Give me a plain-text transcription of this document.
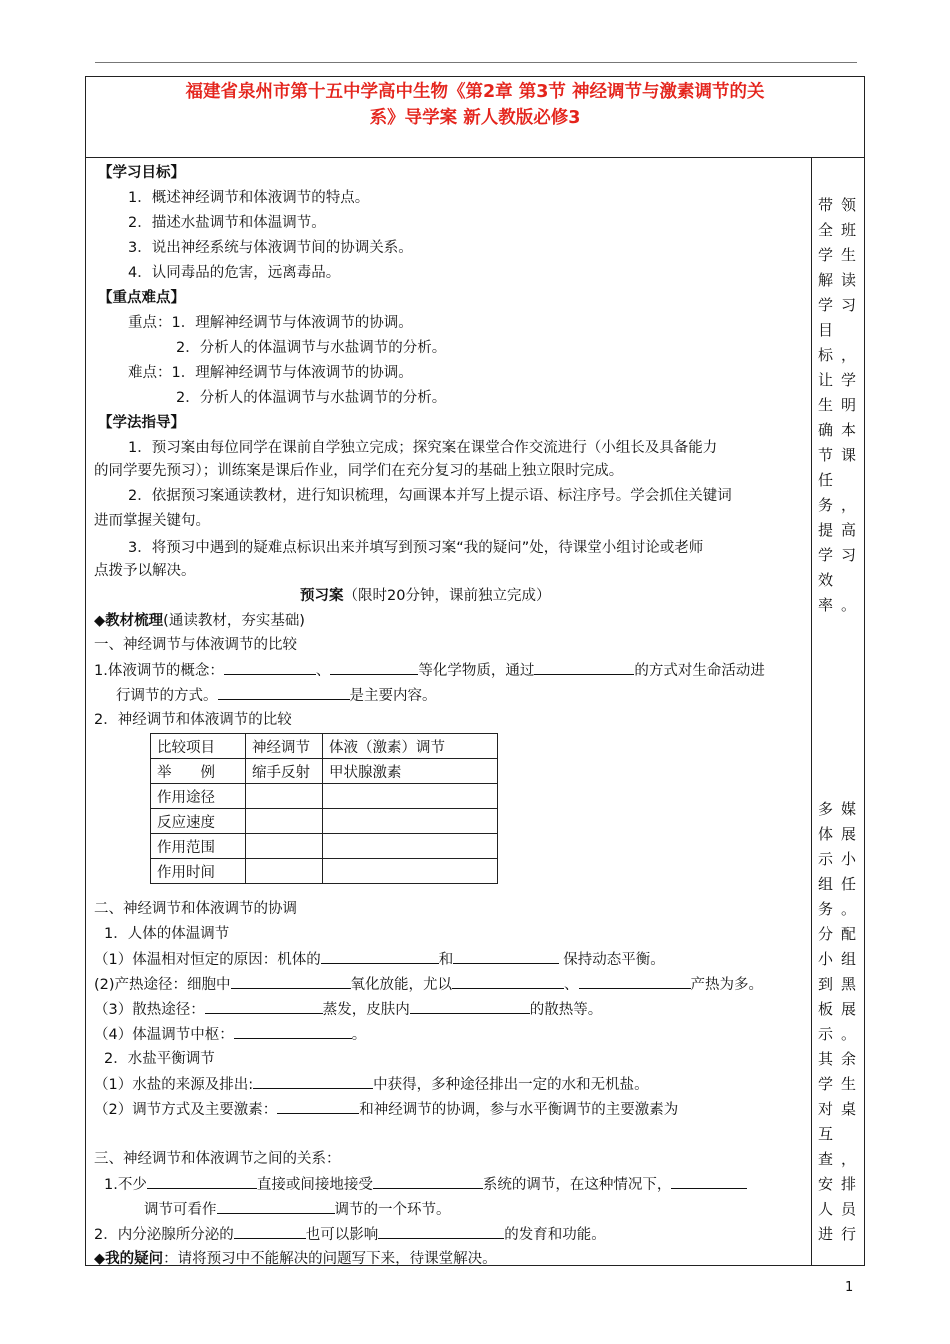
福建省泉州市第十五中学高中生物《第2章 第3节 神经调节与激素调节的关
系》导学案 新人教版必修3
【学习目标】
1．概述神经调节和体液调节的特点。
2．描述水盐调节和体温调节。
3．说出神经系统与体液调节间的协调关系。
4．认同毒品的危害，远离毒品。
【重点难点】
重点：1．理解神经调节与体液调节的协调。
2．分析人的体温调节与水盐调节的分析。
难点：1．理解神经调节与体液调节的协调。
2．分析人的体温调节与水盐调节的分析。
【学法指导】
1．预习案由每位同学在课前自学独立完成；探究案在课堂合作交流进行（小组长及具备能力
的同学要先预习）；训练案是课后作业，同学们在充分复习的基础上独立限时完成。
2．依据预习案通读教材，进行知识梳理，勾画课本并写上提示语、标注序号。学会抓住关键词
进而掌握关键句。
3．将预习中遇到的疑难点标识出来并填写到预习案“我的疑问”处，待课堂小组讨论或老师
点拨予以解决。
预习案（限时20分钟，课前独立完成）
◆教材梳理(通读教材，夯实基础)
一、神经调节与体液调节的比较
1.体液调节的概念：	、	等化学物质，通过	的方式对生命活动进
行调节的方式。	是主要内容。
2．神经调节和体液调节的比较
比较项目	神经调节	体液（激素）调节
举　　例	缩手反射	甲状腺激素
作用途径		
反应速度		
作用范围		
作用时间		
二、神经调节和体液调节的协调
1．人体的体温调节
（1）体温相对恒定的原因：机体的	和	保持动态平衡。
(2)产热途径：细胞中	氧化放能，尤以	、	产热为多。
（3）散热途径：	蒸发，皮肤内	的散热等。
（4）体温调节中枢：	。
2．水盐平衡调节
（1）水盐的来源及排出:	中获得，多种途径排出一定的水和无机盐。
（2）调节方式及主要激素：	和神经调节的协调，参与水平衡调节的主要激素为
三、神经调节和体液调节之间的关系：
1.不少	直接或间接地接受	系统的调节，在这种情况下，
调节可看作	调节的一个环节。
2．内分泌腺所分泌的	也可以影响	的发育和功能。
◆我的疑问：请将预习中不能解决的问题写下来，待课堂解决。
带领
全班
学生
解读
学习
目
标，
让学
生明
确本
节课
任
务，
提高
学习
效
率。
多媒
体展
示小
组任
务。
分配
小组
到黑
板展
示。
其余
学生
对桌
互
查，
安排
人员
进行
1
